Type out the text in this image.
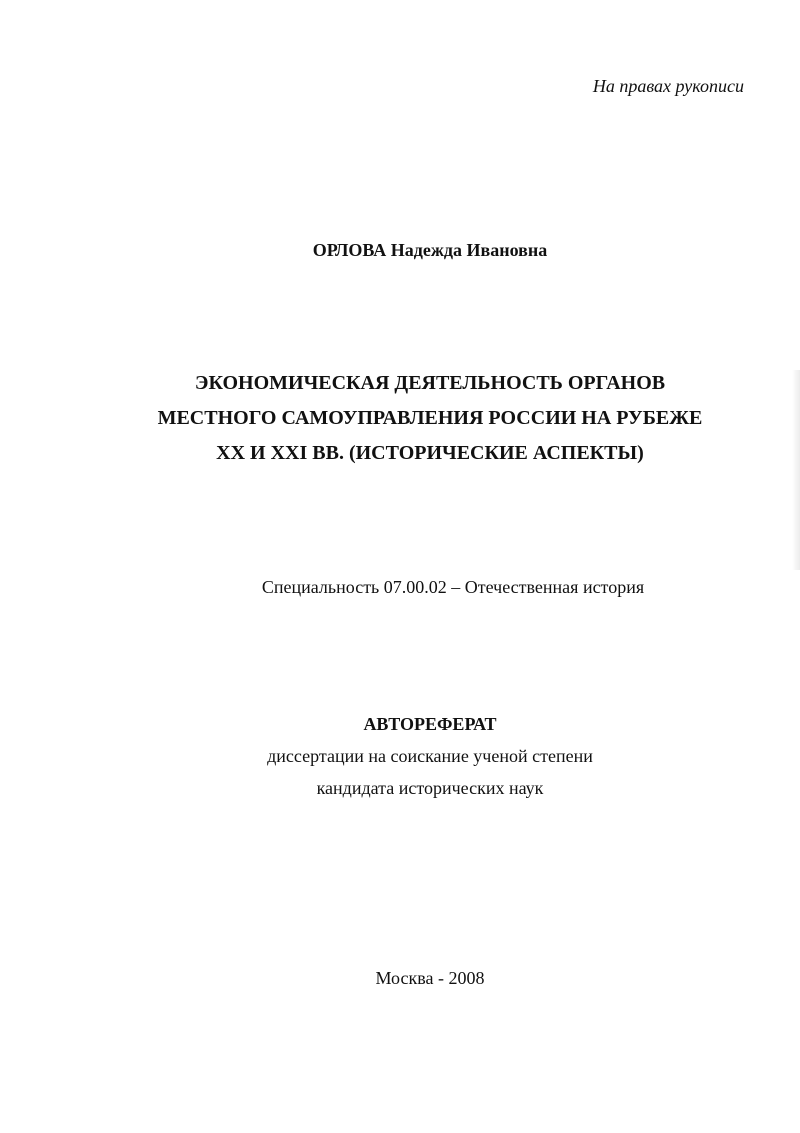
На правах рукописи
ОРЛОВА Надежда Ивановна
ЭКОНОМИЧЕСКАЯ ДЕЯТЕЛЬНОСТЬ ОРГАНОВ
МЕСТНОГО САМОУПРАВЛЕНИЯ РОССИИ НА РУБЕЖЕ
XX И XXI ВВ. (ИСТОРИЧЕСКИЕ АСПЕКТЫ)
Специальность 07.00.02 – Отечественная история
АВТОРЕФЕРАТ
диссертации на соискание ученой степени
кандидата исторических наук
Москва - 2008
